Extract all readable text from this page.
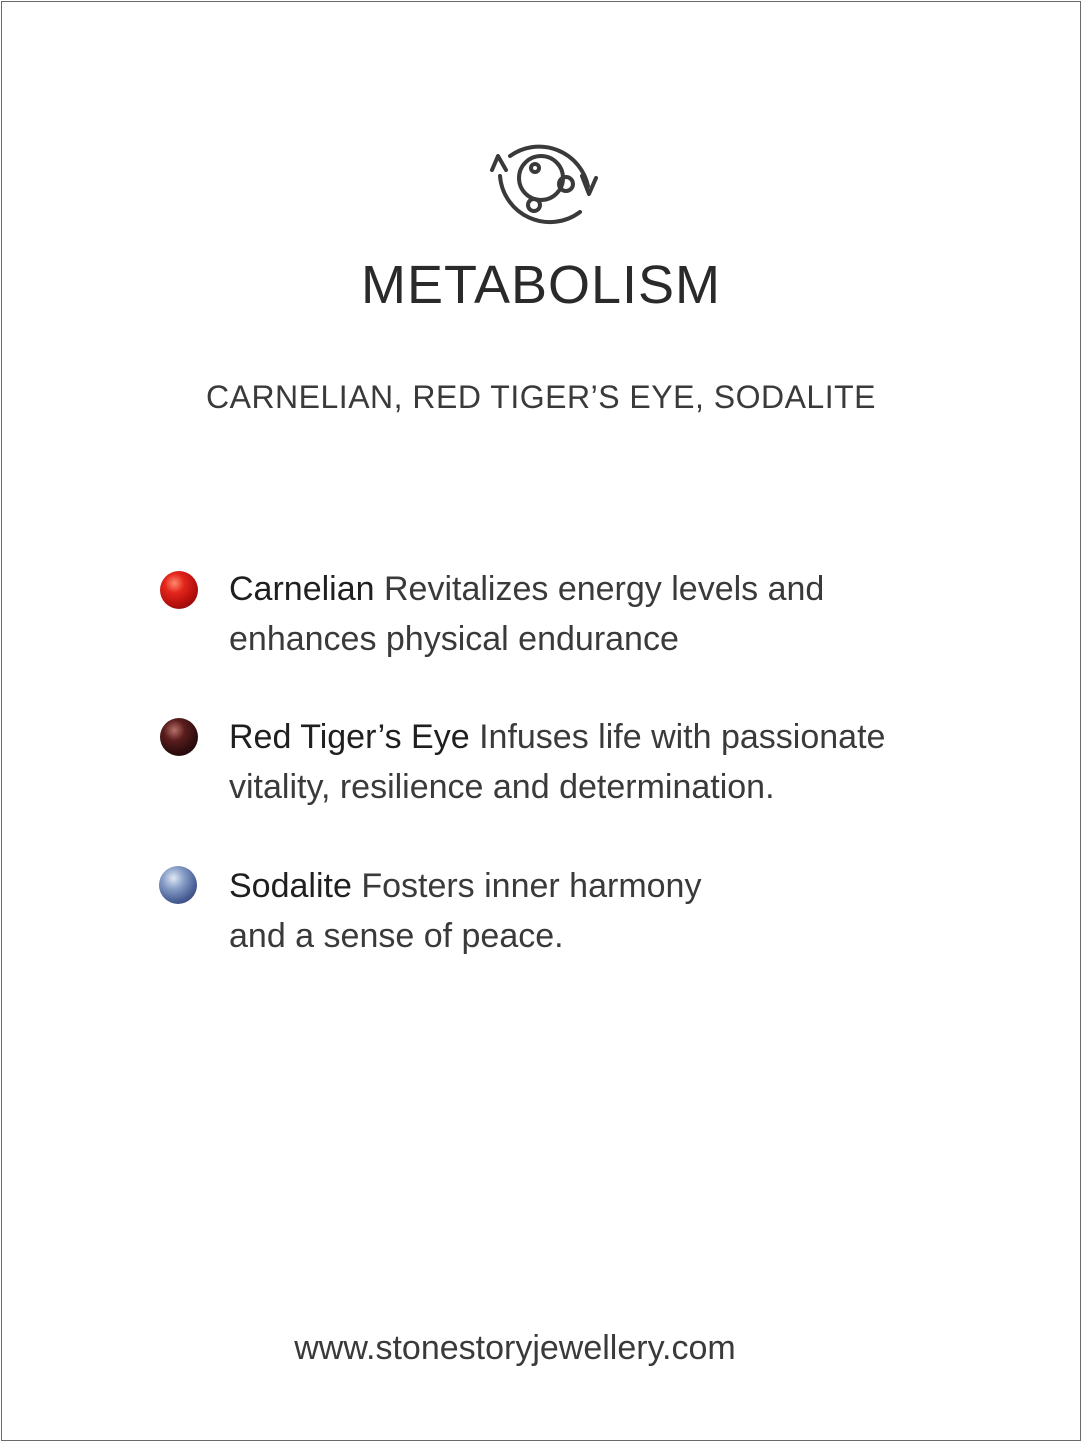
METABOLISM
CARNELIAN, RED TIGER’S EYE, SODALITE
Carnelian Revitalizes energy levels and
enhances physical endurance
Red Tiger’s Eye Infuses life with passionate
vitality, resilience and determination.
Sodalite Fosters inner harmony
and a sense of peace.
www.stonestoryjewellery.com
